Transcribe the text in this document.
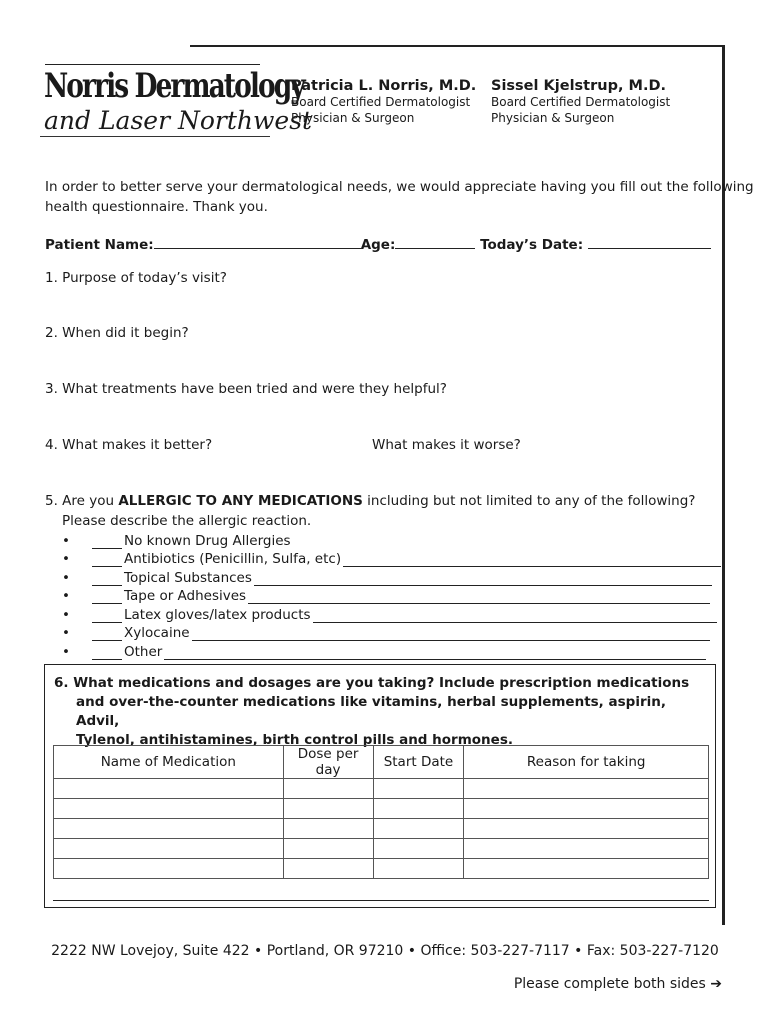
Norris Dermatology
and Laser Northwest
Patricia L. Norris, M.D.
Board Certified Dermatologist
Physician & Surgeon
Sissel Kjelstrup, M.D.
Board Certified Dermatologist
Physician & Surgeon
In order to better serve your dermatological needs, we would appreciate having you fill out the following
health questionnaire. Thank you.
Patient Name:	Age:	Today’s Date:
1. Purpose of today’s visit?
2. When did it begin?
3. What treatments have been tried and were they helpful?
4. What makes it better?	What makes it worse?
5. Are you ALLERGIC TO ANY MEDICATIONS including but not limited to any of the following?
Please describe the allergic reaction.
•	No known Drug Allergies
•	Antibiotics (Penicillin, Sulfa, etc)
•	Topical Substances
•	Tape or Adhesives
•	Latex gloves/latex products
•	Xylocaine
•	Other
6. What medications and dosages are you taking? Include prescription medications
and over-the-counter medications like vitamins, herbal supplements, aspirin, Advil,
Tylenol, antihistamines, birth control pills and hormones.
Name of Medication	Dose per day	Start Date	Reason for taking

2222 NW Lovejoy, Suite 422 • Portland, OR 97210 • Office: 503-227-7117 • Fax: 503-227-7120
Please complete both sides ➔
